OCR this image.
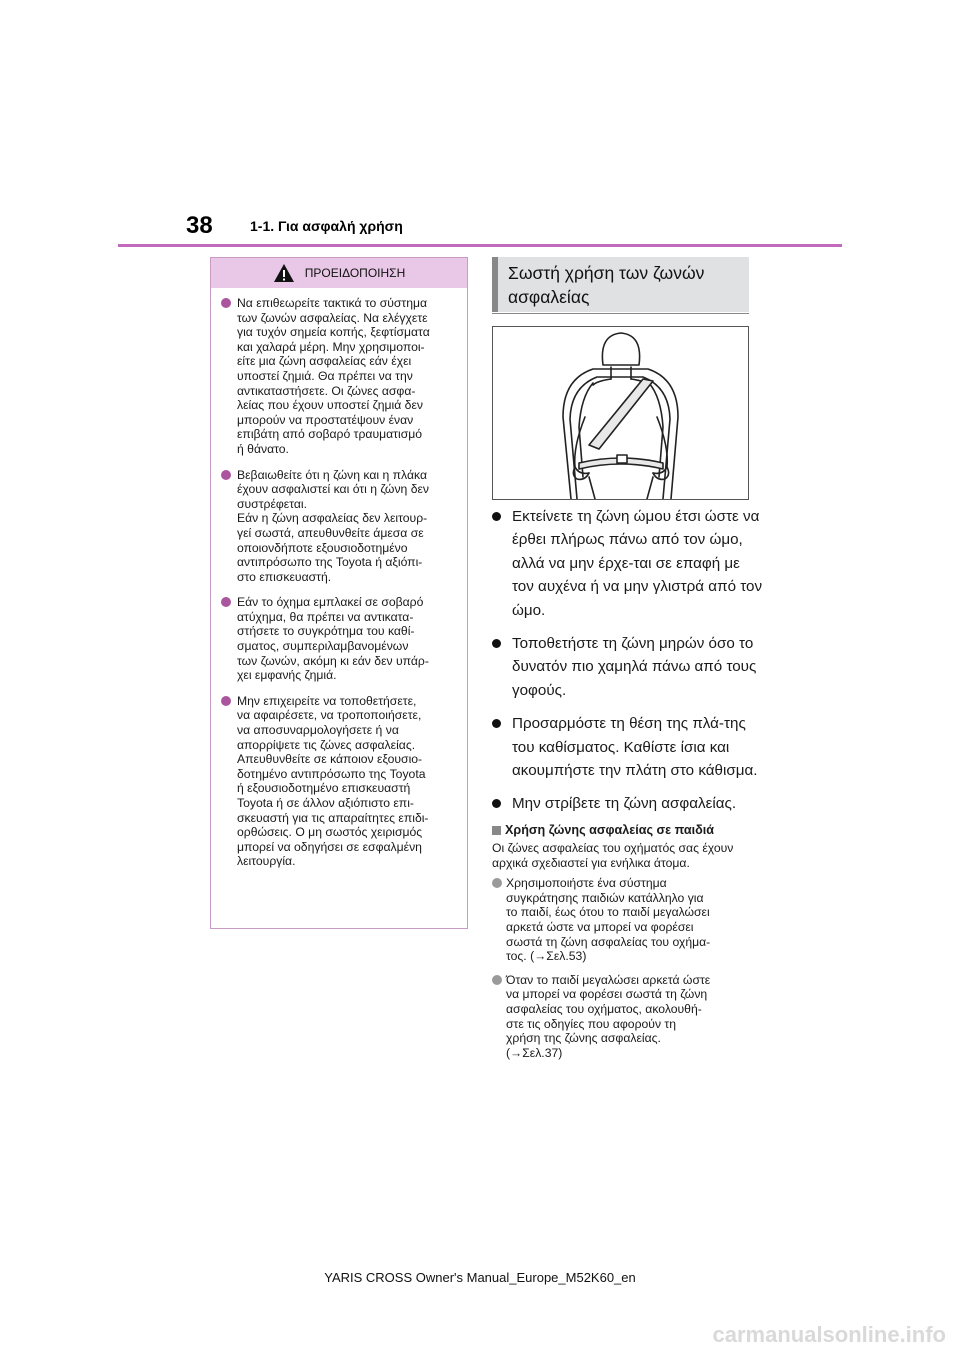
38	1-1. Για ασφαλή χρήση
ΠΡΟΕΙΔΟΠΟΙΗΣΗ
Να επιθεωρείτε τακτικά το σύστημα
των ζωνών ασφαλείας. Να ελέγχετε
για τυχόν σημεία κοπής, ξεφτίσματα
και χαλαρά μέρη. Μην χρησιμοποι-
είτε μια ζώνη ασφαλείας εάν έχει
υποστεί ζημιά. Θα πρέπει να την
αντικαταστήσετε. Οι ζώνες ασφα-
λείας που έχουν υποστεί ζημιά δεν
μπορούν να προστατέψουν έναν
επιβάτη από σοβαρό τραυματισμό
ή θάνατο.
Βεβαιωθείτε ότι η ζώνη και η πλάκα
έχουν ασφαλιστεί και ότι η ζώνη δεν
συστρέφεται.
Εάν η ζώνη ασφαλείας δεν λειτουρ-
γεί σωστά, απευθυνθείτε άμεσα σε
οποιονδήποτε εξουσιοδοτημένο
αντιπρόσωπο της Toyota ή αξιόπι-
στο επισκευαστή.
Εάν το όχημα εμπλακεί σε σοβαρό
ατύχημα, θα πρέπει να αντικατα-
στήσετε το συγκρότημα του καθί-
σματος, συμπεριλαμβανομένων
των ζωνών, ακόμη κι εάν δεν υπάρ-
χει εμφανής ζημιά.
Μην επιχειρείτε να τοποθετήσετε,
να αφαιρέσετε, να τροποποιήσετε,
να αποσυναρμολογήσετε ή να
απορρίψετε τις ζώνες ασφαλείας.
Απευθυνθείτε σε κάποιον εξουσιο-
δοτημένο αντιπρόσωπο της Toyota
ή εξουσιοδοτημένο επισκευαστή
Toyota ή σε άλλον αξιόπιστο επι-
σκευαστή για τις απαραίτητες επιδι-
ορθώσεις. Ο μη σωστός χειρισμός
μπορεί να οδηγήσει σε εσφαλμένη
λειτουργία.
Σωστή χρήση των ζωνών
ασφαλείας
Εκτείνετε τη ζώνη ώμου έτσι ώστε να έρθει πλήρως πάνω από τον ώμο, αλλά να μην έρχε-ται σε επαφή με τον αυχένα ή να μην γλιστρά από τον ώμο.
Τοποθετήστε τη ζώνη μηρών όσο το δυνατόν πιο χαμηλά πάνω από τους γοφούς.
Προσαρμόστε τη θέση της πλά-της του καθίσματος. Καθίστε ίσια και ακουμπήστε την πλάτη στο κάθισμα.
Μην στρίβετε τη ζώνη ασφαλείας.
Χρήση ζώνης ασφαλείας σε παιδιά

Οι ζώνες ασφαλείας του οχήματός σας έχουν αρχικά σχεδιαστεί για ενήλικα άτομα.

Χρησιμοποιήστε ένα σύστημα
συγκράτησης παιδιών κατάλληλο για
το παιδί, έως ότου το παιδί μεγαλώσει
αρκετά ώστε να μπορεί να φορέσει
σωστά τη ζώνη ασφαλείας του οχήμα-
τος. (→Σελ.53)
Όταν το παιδί μεγαλώσει αρκετά ώστε
να μπορεί να φορέσει σωστά τη ζώνη
ασφαλείας του οχήματος, ακολουθή-
στε τις οδηγίες που αφορούν τη
χρήση της ζώνης ασφαλείας.
(→Σελ.37)
YARIS CROSS Owner's Manual_Europe_M52K60_en
carmanualsonline.info
